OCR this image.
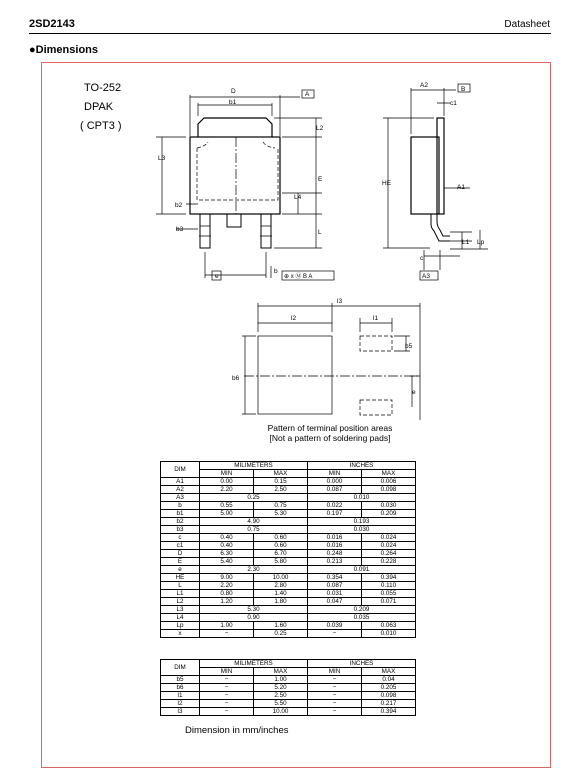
2SD2143	Datasheet
●Dimensions
TO-252
DPAK
( CPT3 )
D
b1
A
L2
L3
E
L4
b2
b3	L
e
b
⊕ x Ⓜ B A
A2
B
c1
HE
A1
L1 Lp
c
A3
l3
l2	l1
b5
b6
e
Pattern of terminal position areas
[Not a pattern of soldering pads]
DIM	MILIMETERS		INCHES	
	MIN	MAX	MIN	MAX
A1	0.00	0.15	0.000	0.006
A2	2.20	2.50	0.087	0.098
A3	0.25		0.010	
b	0.55	0.75	0.022	0.030
b1	5.00	5.30	0.197	0.209
b2	4.90		0.193	
b3	0.75		0.030	
c	0.40	0.60	0.016	0.024
c1	0.40	0.60	0.016	0.024
D	6.30	6.70	0.248	0.264
E	5.40	5.80	0.213	0.228
e	2.30		0.091	
HE	9.00	10.00	0.354	0.394
L	2.20	2.80	0.087	0.110
L1	0.80	1.40	0.031	0.055
L2	1.20	1.80	0.047	0.071
L3	5.30		0.209	
L4	0.90		0.035	
Lp	1.00	1.60	0.039	0.063
x	−	0.25	−	0.010
DIM	MILIMETERS		INCHES	
	MIN	MAX	MIN	MAX
b5	−	1.00	−	0.04
b6	−	5.20	−	0.205
l1	−	2.50	−	0.098
l2	−	5.50	−	0.217
l3	−	10.00	−	0.394
Dimension in mm/inches
